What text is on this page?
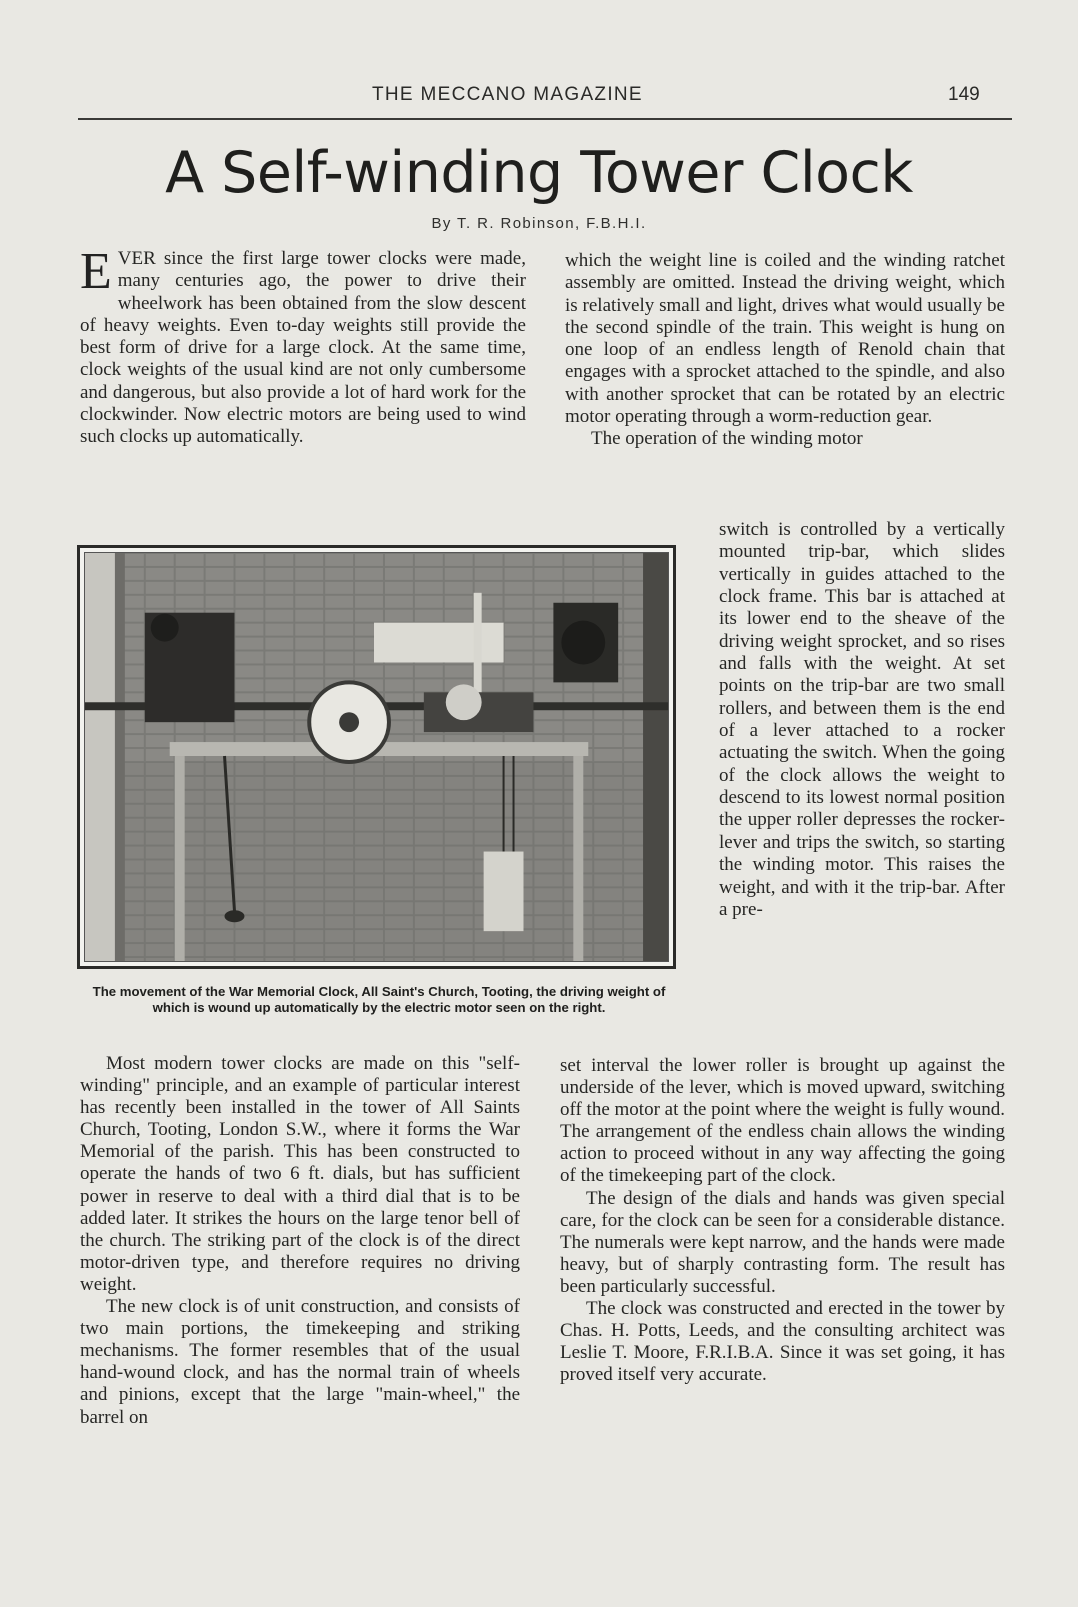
THE MECCANO MAGAZINE	149
A Self-winding Tower Clock
By T. R. Robinson, F.B.H.I.

EVER since the first large tower clocks were made, many centuries ago, the power to drive their wheelwork has been obtained from the slow descent of heavy weights. Even to-day weights still provide the best form of drive for a large clock. At the same time, clock weights of the usual kind are not only cumbersome and dangerous, but also provide a lot of hard work for the clockwinder. Now electric motors are being used to wind such clocks up automatically.

which the weight line is coiled and the winding ratchet assembly are omitted. Instead the driving weight, which is relatively small and light, drives what would usually be the second spindle of the train. This weight is hung on one loop of an endless length of Renold chain that engages with a sprocket attached to the spindle, and also with another sprocket that can be rotated by an electric motor operating through a worm-reduction gear.

The operation of the winding motor

The movement of the War Memorial Clock, All Saint's Church, Tooting, the driving weight of which is wound up automatically by the electric motor seen on the right.

switch is controlled by a vertically mounted trip-bar, which slides vertically in guides attached to the clock frame. This bar is attached at its lower end to the sheave of the driving weight sprocket, and so rises and falls with the weight. At set points on the trip-bar are two small rollers, and between them is the end of a lever attached to a rocker actuating the switch. When the going of the clock allows the weight to descend to its lowest normal position the upper roller depresses the rocker-lever and trips the switch, so starting the winding motor. This raises the weight, and with it the trip-bar. After a pre-

Most modern tower clocks are made on this "self-winding" principle, and an example of particular interest has recently been installed in the tower of All Saints Church, Tooting, London S.W., where it forms the War Memorial of the parish. This has been constructed to operate the hands of two 6 ft. dials, but has sufficient power in reserve to deal with a third dial that is to be added later. It strikes the hours on the large tenor bell of the church. The striking part of the clock is of the direct motor-driven type, and therefore requires no driving weight.

The new clock is of unit construction, and consists of two main portions, the timekeeping and striking mechanisms. The former resembles that of the usual hand-wound clock, and has the normal train of wheels and pinions, except that the large "main-wheel," the barrel on

set interval the lower roller is brought up against the underside of the lever, which is moved upward, switching off the motor at the point where the weight is fully wound. The arrangement of the endless chain allows the winding action to proceed without in any way affecting the going of the timekeeping part of the clock.

The design of the dials and hands was given special care, for the clock can be seen for a considerable distance. The numerals were kept narrow, and the hands were made heavy, but of sharply contrasting form. The result has been particularly successful.

The clock was constructed and erected in the tower by Chas. H. Potts, Leeds, and the consulting architect was Leslie T. Moore, F.R.I.B.A. Since it was set going, it has proved itself very accurate.
